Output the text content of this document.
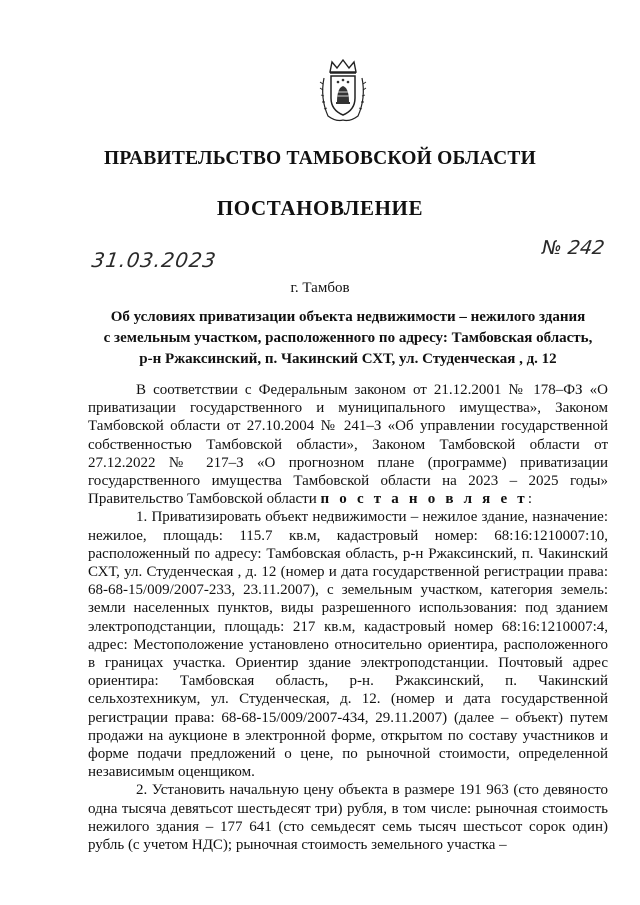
ПРАВИТЕЛЬСТВО ТАМБОВСКОЙ ОБЛАСТИ
ПОСТАНОВЛЕНИЕ
31.03.2023	№ 242
г. Тамбов
Об условиях приватизации объекта недвижимости – нежилого здания
с земельным участком, расположенного по адресу: Тамбовская область,
р-н Ржаксинский, п. Чакинский СХТ, ул. Студенческая , д. 12

В соответствии с Федеральным законом от 21.12.2001 № 178–ФЗ «О приватизации государственного и муниципального имущества», Законом Тамбовской области от 27.10.2004 № 241–З «Об управлении государственной собственностью Тамбовской области», Законом Тамбовской области от 27.12.2022 № 217–З «О прогнозном плане (программе) приватизации государственного имущества Тамбовской области на 2023 – 2025 годы» Правительство Тамбовской области п о с т а н о в л я е т:

1. Приватизировать объект недвижимости – нежилое здание, назначение: нежилое, площадь: 115.7 кв.м, кадастровый номер: 68:16:1210007:10, расположенный по адресу: Тамбовская область, р-н Ржаксинский, п. Чакинский СХТ, ул. Студенческая , д. 12 (номер и дата государственной регистрации права: 68-68-15/009/2007-233, 23.11.2007), с земельным участком, категория земель: земли населенных пунктов, виды разрешенного использования: под зданием электроподстанции, площадь: 217 кв.м, кадастровый номер 68:16:1210007:4, адрес: Местоположение установлено относительно ориентира, расположенного в границах участка. Ориентир здание электроподстанции. Почтовый адрес ориентира: Тамбовская область, р-н. Ржаксинский, п. Чакинский сельхозтехникум, ул. Студенческая, д. 12. (номер и дата государственной регистрации права: 68-68-15/009/2007-434, 29.11.2007) (далее – объект) путем продажи на аукционе в электронной форме, открытом по составу участников и форме подачи предложений о цене, по рыночной стоимости, определенной независимым оценщиком.

2. Установить начальную цену объекта в размере 191 963 (сто девяносто одна тысяча девятьсот шестьдесят три) рубля, в том числе: рыночная стоимость нежилого здания – 177 641 (сто семьдесят семь тысяч шестьсот сорок один) рубль (с учетом НДС); рыночная стоимость земельного участка –
